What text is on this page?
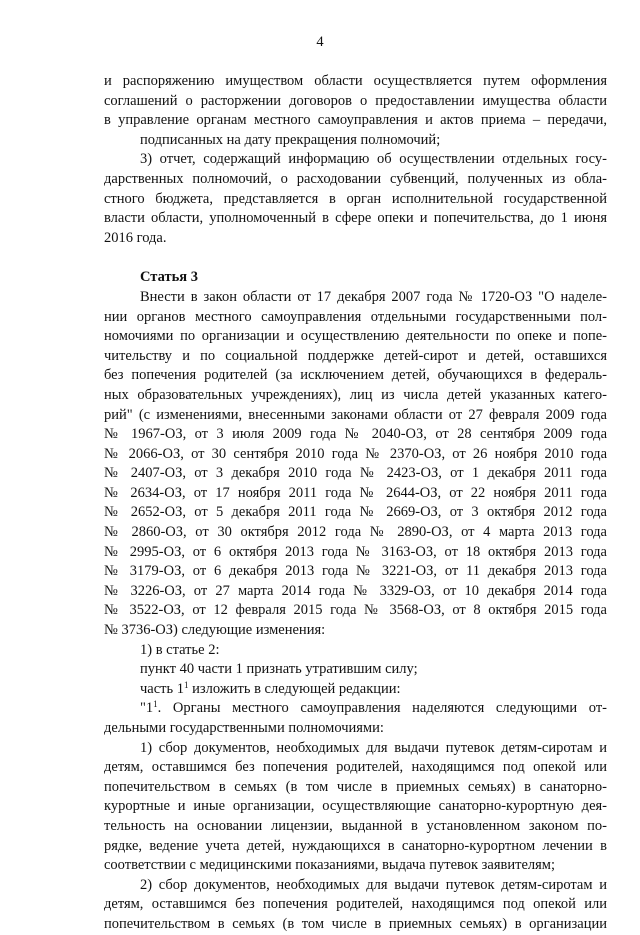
4
и распоряжению имуществом области осуществляется путем оформления
соглашений о расторжении договоров о предоставлении имущества области
в управление органам местного самоуправления и актов приема – передачи,
подписанных на дату прекращения полномочий;
3) отчет, содержащий информацию об осуществлении отдельных госу-
дарственных полномочий, о расходовании субвенций, полученных из обла-
стного бюджета, представляется в орган исполнительной государственной
власти области, уполномоченный в сфере опеки и попечительства, до 1 июня
2016 года.
Статья 3
Внести в закон области от 17 декабря 2007 года № 1720-ОЗ "О наделе-
нии органов местного самоуправления отдельными государственными пол-
номочиями по организации и осуществлению деятельности по опеке и попе-
чительству и по социальной поддержке детей-сирот и детей, оставшихся
без попечения родителей (за исключением детей, обучающихся в федераль-
ных образовательных учреждениях), лиц из числа детей указанных катего-
рий" (с изменениями, внесенными законами области от 27 февраля 2009 года
№ 1967-ОЗ, от 3 июля 2009 года № 2040-ОЗ, от 28 сентября 2009 года
№ 2066-ОЗ, от 30 сентября 2010 года № 2370-ОЗ, от 26 ноября 2010 года
№ 2407-ОЗ, от 3 декабря 2010 года № 2423-ОЗ, от 1 декабря 2011 года
№ 2634-ОЗ, от 17 ноября 2011 года № 2644-ОЗ, от 22 ноября 2011 года
№ 2652-ОЗ, от 5 декабря 2011 года № 2669-ОЗ, от 3 октября 2012 года
№ 2860-ОЗ, от 30 октября 2012 года № 2890-ОЗ, от 4 марта 2013 года
№ 2995-ОЗ, от 6 октября 2013 года № 3163-ОЗ, от 18 октября 2013 года
№ 3179-ОЗ, от 6 декабря 2013 года № 3221-ОЗ, от 11 декабря 2013 года
№ 3226-ОЗ, от 27 марта 2014 года № 3329-ОЗ, от 10 декабря 2014 года
№ 3522-ОЗ, от 12 февраля 2015 года № 3568-ОЗ, от 8 октября 2015 года
№ 3736-ОЗ) следующие изменения:
1) в статье 2:
пункт 40 части 1 признать утратившим силу;
часть $1^1$ изложить в следующей редакции:
"$1^1$. Органы местного самоуправления наделяются следующими от-
дельными государственными полномочиями:
1) сбор документов, необходимых для выдачи путевок детям-сиротам и
детям, оставшимся без попечения родителей, находящимся под опекой или
попечительством в семьях (в том числе в приемных семьях) в санаторно-
курортные и иные организации, осуществляющие санаторно-курортную дея-
тельность на основании лицензии, выданной в установленном законом по-
рядке, ведение учета детей, нуждающихся в санаторно-курортном лечении в
соответствии с медицинскими показаниями, выдача путевок заявителям;
2) сбор документов, необходимых для выдачи путевок детям-сиротам и
детям, оставшимся без попечения родителей, находящимся под опекой или
попечительством в семьях (в том числе в приемных семьях) в организации
